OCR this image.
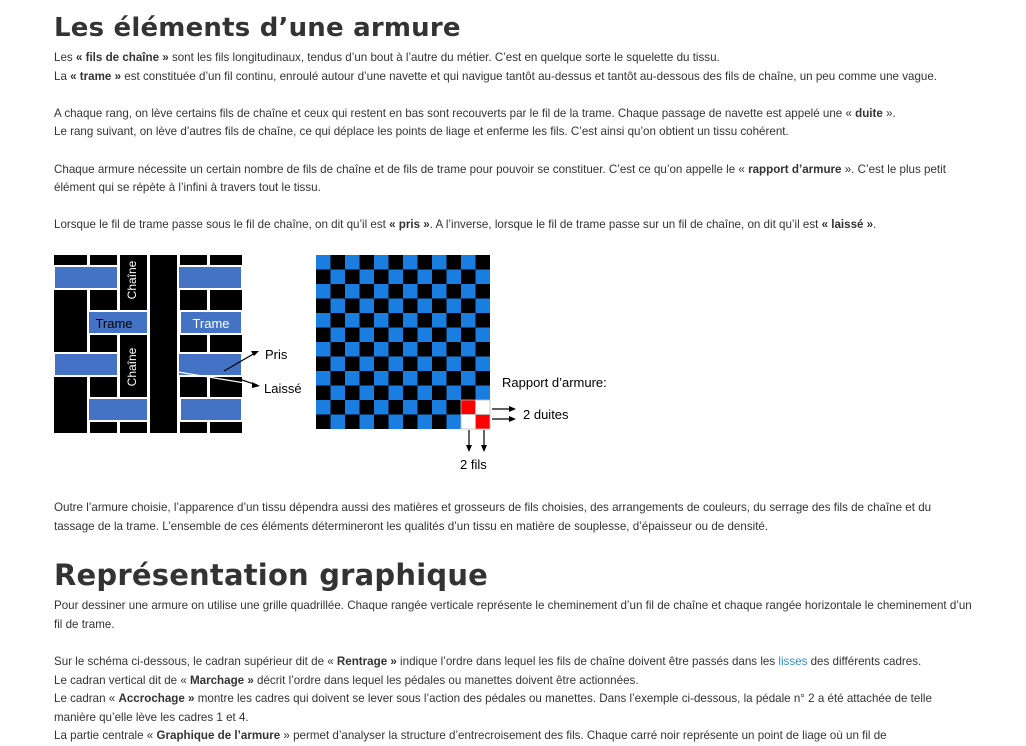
Les éléments d’une armure

Les « fils de chaîne » sont les fils longitudinaux, tendus d’un bout à l’autre du métier. C’est en quelque sorte le squelette du tissu.
La « trame » est constituée d’un fil continu, enroulé autour d’une navette et qui navigue tantôt au-dessus et tantôt au-dessous des fils de chaîne, un peu comme une vague.

A chaque rang, on lève certains fils de chaîne et ceux qui restent en bas sont recouverts par le fil de la trame. Chaque passage de navette est appelé une « duite ».
Le rang suivant, on lève d’autres fils de chaîne, ce qui déplace les points de liage et enferme les fils. C’est ainsi qu’on obtient un tissu cohérent.

Chaque armure nécessite un certain nombre de fils de chaîne et de fils de trame pour pouvoir se constituer. C’est ce qu’on appelle le « rapport d’armure ». C’est le plus petit élément qui se répète à l’infini à travers tout le tissu.

Lorsque le fil de trame passe sous le fil de chaîne, on dit qu’il est « pris ». A l’inverse, lorsque le fil de trame passe sur un fil de chaîne, on dit qu’il est « laissé ».

Trame	Trame
Chaîne
Chaîne	Pris
Laissé	Rapport d’armure:
2 duites
2 fils

Outre l’armure choisie, l’apparence d’un tissu dépendra aussi des matières et grosseurs de fils choisies, des arrangements de couleurs, du serrage des fils de chaîne et du tassage de la trame. L’ensemble de ces éléments détermineront les qualités d’un tissu en matière de souplesse, d’épaisseur ou de densité.

Représentation graphique

Pour dessiner une armure on utilise une grille quadrillée. Chaque rangée verticale représente le cheminement d’un fil de chaîne et chaque rangée horizontale le cheminement d’un fil de trame.

Sur le schéma ci-dessous, le cadran supérieur dit de « Rentrage » indique l’ordre dans lequel les fils de chaîne doivent être passés dans les lisses des différents cadres.
Le cadran vertical dit de « Marchage » décrit l’ordre dans lequel les pédales ou manettes doivent être actionnées.
Le cadran « Accrochage » montre les cadres qui doivent se lever sous l’action des pédales ou manettes. Dans l’exemple ci-dessous, la pédale n° 2 a été attachée de telle manière qu’elle lève les cadres 1 et 4.
La partie centrale « Graphique de l’armure » permet d’analyser la structure d’entrecroisement des fils. Chaque carré noir représente un point de liage où un fil de
